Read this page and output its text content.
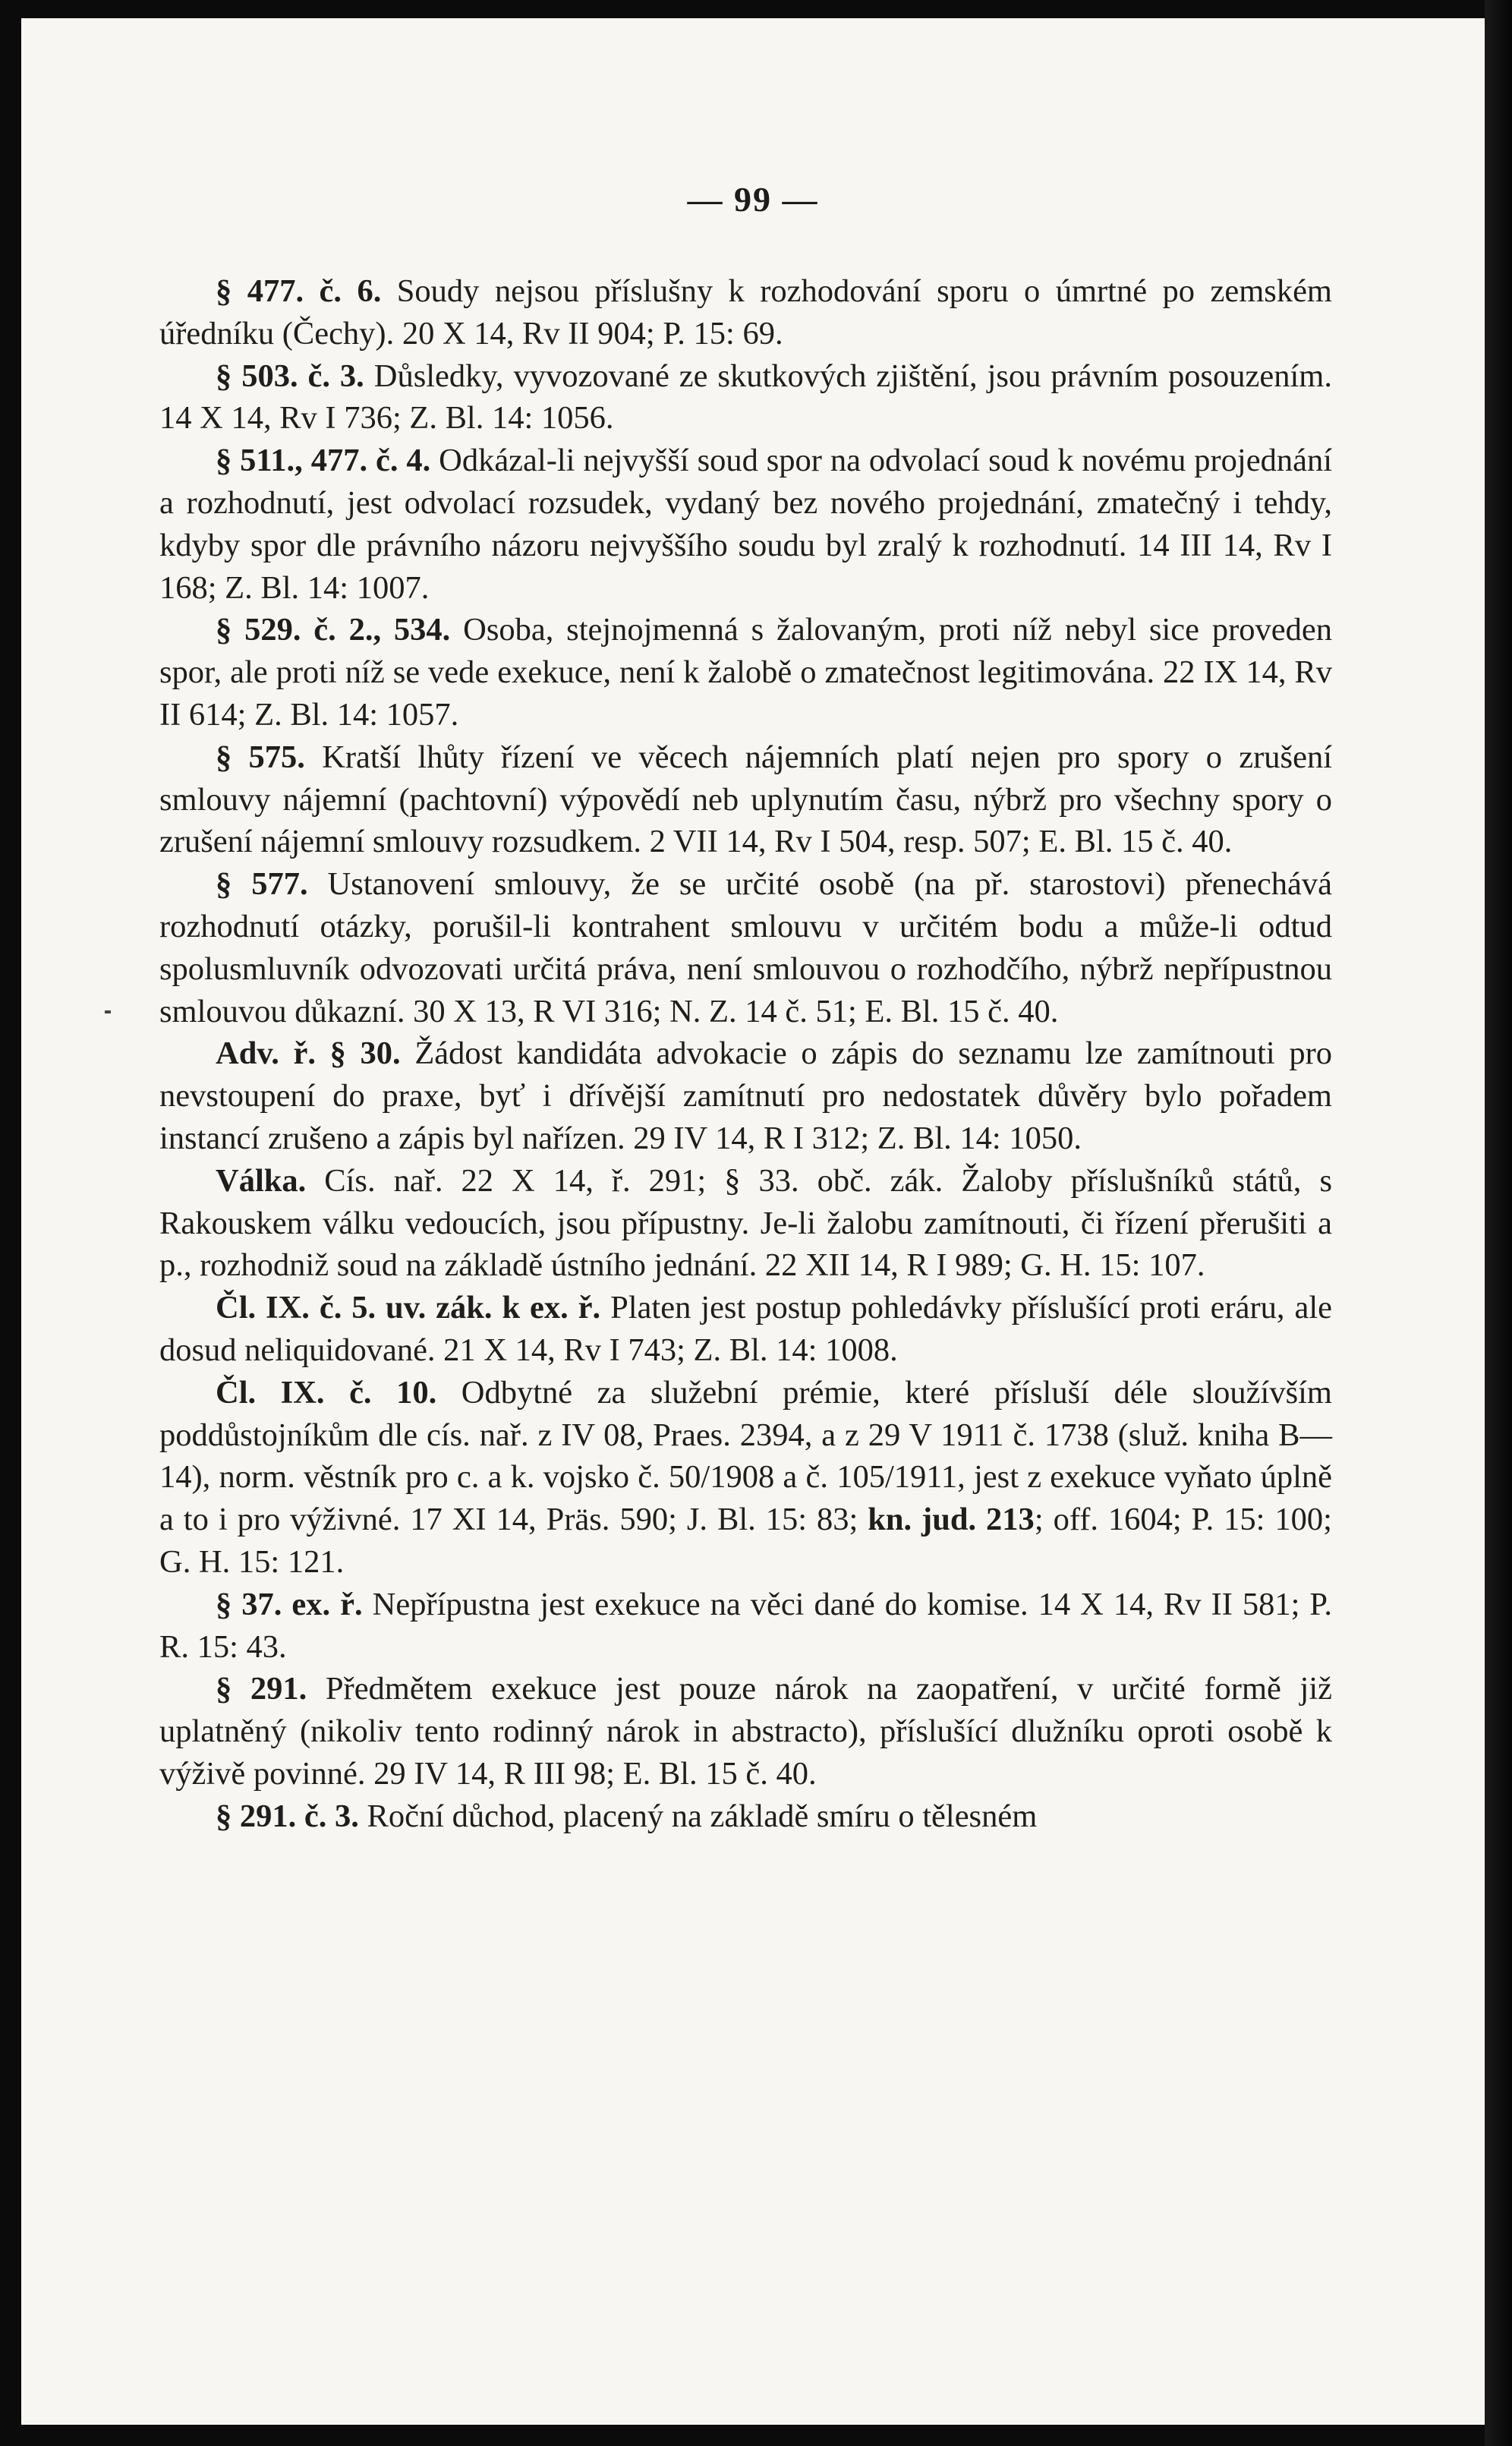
— 99 —

§ 477. č. 6. Soudy nejsou příslušny k rozhodování sporu o úmrtné po zemském úředníku (Čechy). 20 X 14, Rv II 904; P. 15: 69.

§ 503. č. 3. Důsledky, vyvozované ze skutkových zjištění, jsou právním posouzením. 14 X 14, Rv I 736; Z. Bl. 14: 1056.

§ 511., 477. č. 4. Odkázal-li nejvyšší soud spor na odvolací soud k novému projednání a rozhodnutí, jest odvolací rozsudek, vydaný bez nového projednání, zmatečný i tehdy, kdyby spor dle právního názoru nejvyššího soudu byl zralý k rozhodnutí. 14 III 14, Rv I 168; Z. Bl. 14: 1007.

§ 529. č. 2., 534. Osoba, stejnojmenná s žalovaným, proti níž nebyl sice proveden spor, ale proti níž se vede exekuce, není k žalobě o zmatečnost legitimována. 22 IX 14, Rv II 614; Z. Bl. 14: 1057.

§ 575. Kratší lhůty řízení ve věcech nájemních platí nejen pro spory o zrušení smlouvy nájemní (pachtovní) výpovědí neb uplynutím času, nýbrž pro všechny spory o zrušení nájemní smlouvy rozsudkem. 2 VII 14, Rv I 504, resp. 507; E. Bl. 15 č. 40.

§ 577. Ustanovení smlouvy, že se určité osobě (na př. starostovi) přenechává rozhodnutí otázky, porušil-li kontrahent smlouvu v určitém bodu a může-li odtud spolusmluvník odvozovati určitá práva, není smlouvou o rozhodčího, nýbrž nepřípustnou smlouvou důkazní. 30 X 13, R VI 316; N. Z. 14 č. 51; E. Bl. 15 č. 40.

Adv. ř. § 30. Žádost kandidáta advokacie o zápis do seznamu lze zamítnouti pro nevstoupení do praxe, byť i dřívější zamítnutí pro nedostatek důvěry bylo pořadem instancí zrušeno a zápis byl nařízen. 29 IV 14, R I 312; Z. Bl. 14: 1050.

Válka. Cís. nař. 22 X 14, ř. 291; § 33. obč. zák. Žaloby příslušníků států, s Rakouskem válku vedoucích, jsou přípustny. Je-li žalobu zamítnouti, či řízení přerušiti a p., rozhodniž soud na základě ústního jednání. 22 XII 14, R I 989; G. H. 15: 107.

Čl. IX. č. 5. uv. zák. k ex. ř. Platen jest postup pohledávky příslušící proti eráru, ale dosud neliquidované. 21 X 14, Rv I 743; Z. Bl. 14: 1008.

Čl. IX. č. 10. Odbytné za služební prémie, které přísluší déle sloužívším poddůstojníkům dle cís. nař. z IV 08, Praes. 2394, a z 29 V 1911 č. 1738 (služ. kniha B—14), norm. věstník pro c. a k. vojsko č. 50/1908 a č. 105/1911, jest z exekuce vyňato úplně a to i pro výživné. 17 XI 14, Präs. 590; J. Bl. 15: 83; kn. jud. 213; off. 1604; P. 15: 100; G. H. 15: 121.

§ 37. ex. ř. Nepřípustna jest exekuce na věci dané do komise. 14 X 14, Rv II 581; P. R. 15: 43.

§ 291. Předmětem exekuce jest pouze nárok na zaopatření, v určité formě již uplatněný (nikoliv tento rodinný nárok in abstracto), příslušící dlužníku oproti osobě k výživě povinné. 29 IV 14, R III 98; E. Bl. 15 č. 40.

§ 291. č. 3. Roční důchod, placený na základě smíru o tělesném
